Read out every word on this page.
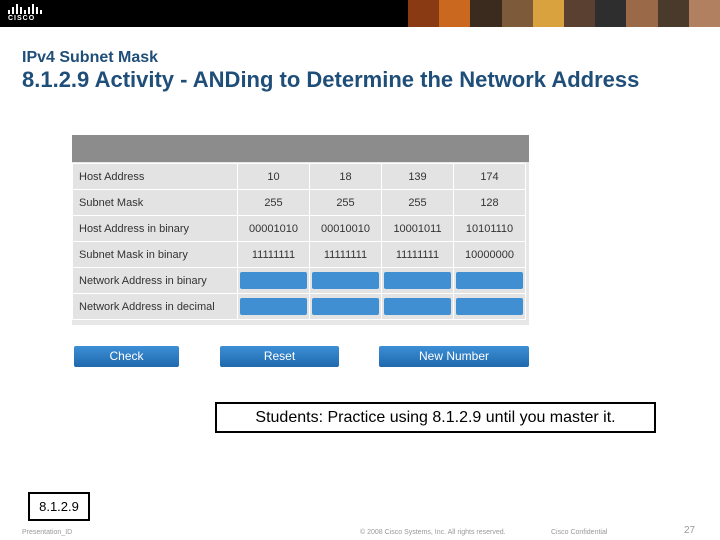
CISCO
IPv4 Subnet Mask
8.1.2.9 Activity - ANDing to Determine the Network Address
Host Address	10	18	139	174
Subnet Mask	255	255	255	128
Host Address in binary	00001010	00010010	10001011	10101110
Subnet Mask in binary	11111111	11111111	11111111	10000000
Network Address in binary	

Network Address in decimal	

Check	Reset	New Number
Students: Practice using 8.1.2.9 until you master it.
8.1.2.9
Presentation_ID	© 2008 Cisco Systems, Inc. All rights reserved.	Cisco Confidential	27
